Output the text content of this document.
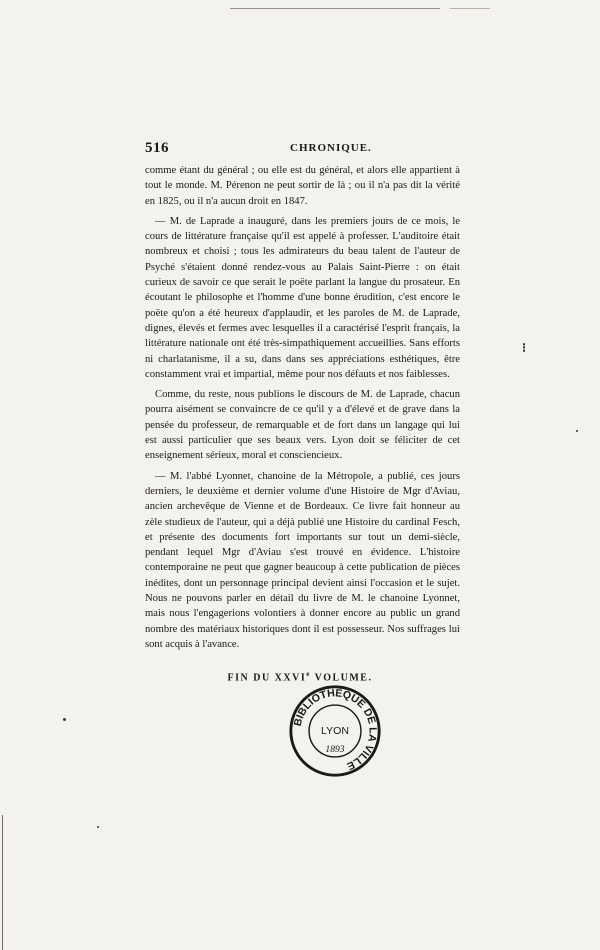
516	CHRONIQUE.

comme étant du général ; ou elle est du général, et alors elle appartient à tout le monde. M. Pérenon ne peut sortir de là ; ou il n'a pas dit la vérité en 1825, ou il n'a aucun droit en 1847.

— M. de Laprade a inauguré, dans les premiers jours de ce mois, le cours de littérature française qu'il est appelé à professer. L'auditoire était nombreux et choisi ; tous les admirateurs du beau talent de l'auteur de Psyché s'étaient donné rendez-vous au Palais Saint-Pierre : on était curieux de savoir ce que serait le poëte parlant la langue du prosateur. En écoutant le philosophe et l'homme d'une bonne érudition, c'est encore le poëte qu'on a été heureux d'applaudir, et les paroles de M. de Laprade, dignes, élevés et fermes avec lesquelles il a caractérisé l'esprit français, la littérature nationale ont été très-simpathiquement accueillies. Sans efforts ni charlatanisme, il a su, dans dans ses appréciations esthétiques, être constamment vrai et impartial, même pour nos défauts et nos faiblesses.

Comme, du reste, nous publions le discours de M. de Laprade, chacun pourra aisément se convaincre de ce qu'il y a d'élevé et de grave dans la pensée du professeur, de remarquable et de fort dans un langage qui lui est aussi particulier que ses beaux vers. Lyon doit se féliciter de cet enseignement sérieux, moral et consciencieux.

— M. l'abbé Lyonnet, chanoine de la Métropole, a publié, ces jours derniers, le deuxième et dernier volume d'une Histoire de Mgr d'Aviau, ancien archevêque de Vienne et de Bordeaux. Ce livre fait honneur au zèle studieux de l'auteur, qui a déjà publié une Histoire du cardinal Fesch, et présente des documents fort importants sur tout un demi-siècle, pendant lequel Mgr d'Aviau s'est trouvé en évidence. L'histoire contemporaine ne peut que gagner beaucoup à cette publication de pièces inédites, dont un personnage principal devient ainsi l'occasion et le sujet. Nous ne pouvons parler en détail du livre de M. le chanoine Lyonnet, mais nous l'engagerions volontiers à donner encore au public un grand nombre des matériaux historiques dont il est possesseur. Nos suffrages lui sont acquis à l'avance.

FIN DU XXVIe VOLUME.
BIBLIOTHÈQUE DE LA VILLE
LYON
1893
⁝
